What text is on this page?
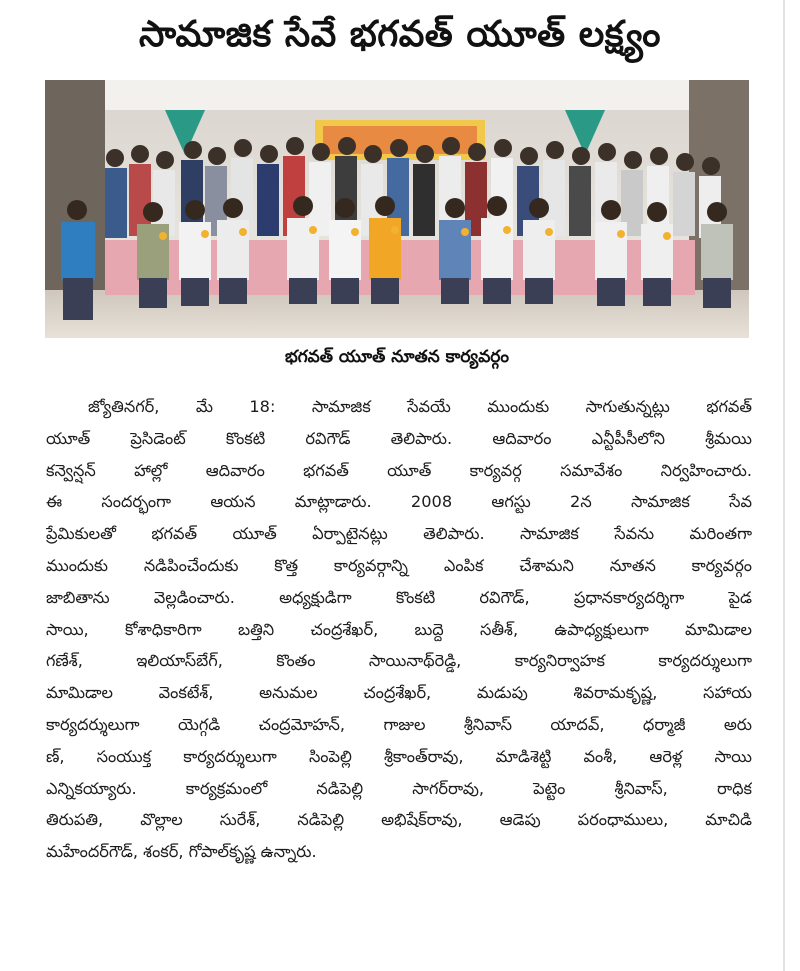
సామాజిక సేవే భగవత్ యూత్ లక్ష్యం
భగవత్ యూత్ నూతన కార్యవర్గం
జ్యోతినగర్, మే 18: సామాజిక సేవయే ముందుకు సాగుతున్నట్లు భగవత్
యూత్ ప్రెసిడెంట్ కొంకటి రవిగౌడ్ తెలిపారు. ఆదివారం ఎన్టీపీసీలోని శ్రీమయి
కన్వెన్షన్ హాల్లో ఆదివారం భగవత్ యూత్ కార్యవర్గ సమావేశం నిర్వహించారు.
ఈ సందర్భంగా ఆయన మాట్లాడారు. 2008 ఆగస్టు 2న సామాజిక సేవ
ప్రేమికులతో భగవత్ యూత్ ఏర్పాటైనట్లు తెలిపారు. సామాజిక సేవను మరింతగా
ముందుకు నడిపించేందుకు కొత్త కార్యవర్గాన్ని ఎంపిక చేశామని నూతన కార్యవర్గం
జాబితాను వెల్లడించారు. అధ్యక్షుడిగా కొంకటి రవిగౌడ్, ప్రధానకార్యదర్శిగా పైడ
సాయి, కోశాధికారిగా బత్తిని చంద్రశేఖర్, బుద్దె సతీశ్, ఉపాధ్యక్షులుగా మామిడాల
గణేశ్, ఇలియాస్‌బేగ్, కొంతం సాయినాథ్‌రెడ్డి, కార్యనిర్వాహక కార్యదర్శులుగా
మామిడాల వెంకటేశ్, అనుమల చంద్రశేఖర్, మడుపు శివరామకృష్ణ, సహాయ
కార్యదర్శులుగా యెగ్గడి చంద్రమోహన్, గాజుల శ్రీనివాస్ యాదవ్, ధర్మాజీ అరు
ణ్, సంయుక్త కార్యదర్శులుగా సింపెల్లి శ్రీకాంత్‌రావు, మాడిశెట్టి వంశీ, ఆరెళ్ల సాయి
ఎన్నికయ్యారు. కార్యక్రమంలో నడిపెల్లి సాగర్‌రావు, పెట్టెం శ్రీనివాస్, రాధిక
తిరుపతి, వొల్లాల సురేశ్, నడిపెల్లి అభిషేక్‌రావు, ఆడెపు పరంధాములు, మాచిడి
మహేందర్‌గౌడ్, శంకర్, గోపాల్‌కృష్ణ ఉన్నారు.
